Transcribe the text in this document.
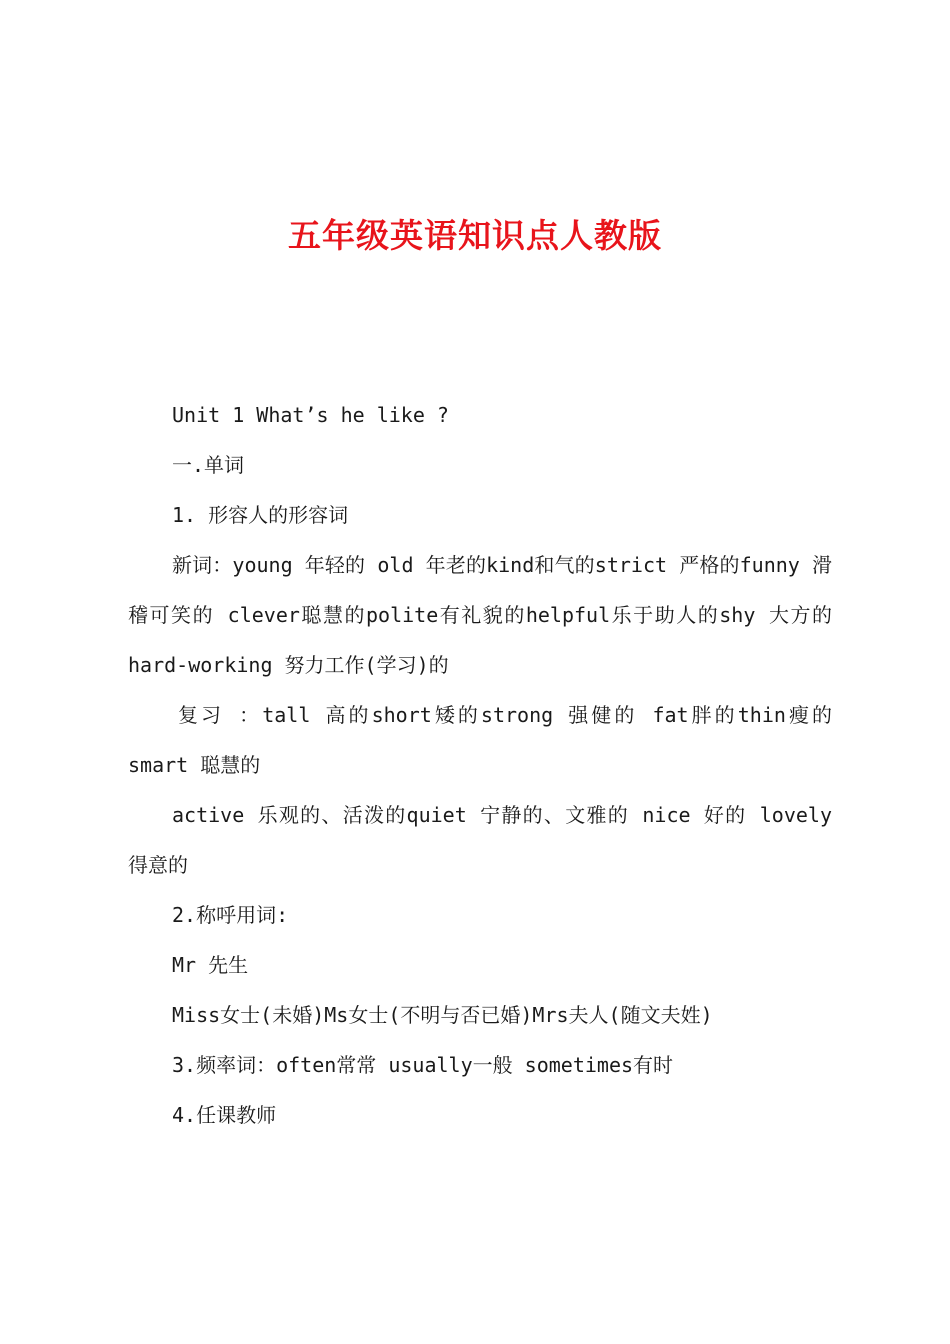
五年级英语知识点人教版

Unit 1 What’s he like ?

一.单词

1. 形容人的形容词

新词：young 年轻的 old 年老的kind和气的strict 严格的funny 滑稽可笑的 clever聪慧的polite有礼貌的helpful乐于助人的shy 大方的hard-working 努力工作(学习)的

复习 ：tall 高的short矮的strong 强健的 fat胖的thin瘦的 smart 聪慧的

active 乐观的、活泼的quiet 宁静的、文雅的 nice 好的 lovely 得意的

2.称呼用词:

Mr 先生

Miss女士(未婚)Ms女士(不明与否已婚)Mrs夫人(随文夫姓)

3.频率词：often常常 usually一般 sometimes有时

4.任课教师
